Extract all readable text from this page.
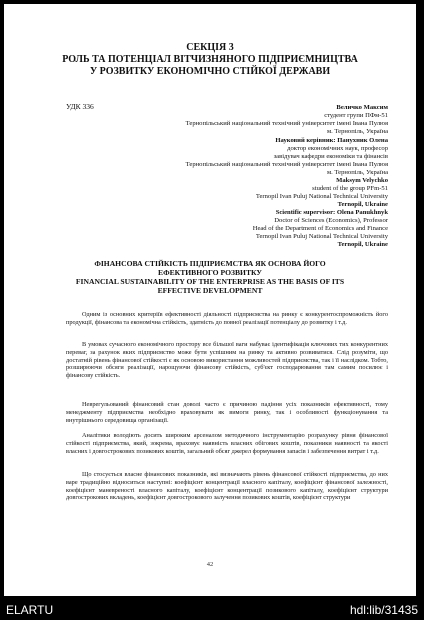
СЕКЦІЯ 3
РОЛЬ ТА ПОТЕНЦІАЛ ВІТЧИЗНЯНОГО ПІДПРИЄМНИЦТВА
У РОЗВИТКУ ЕКОНОМІЧНО СТІЙКОЇ ДЕРЖАВИ
УДК 336	Величко Максим
студент групи ПФм-51
Тернопільський національний технічний університет імені Івана Пулюя
м. Тернопіль, Україна
Науковий керівник: Панухник Олена
доктор економічних наук, професор
завідувач кафедри економіки та фінансів
Тернопільський національний технічний університет імені Івана Пулюя
м. Тернопіль, Україна
Maksym Velychko
student of the group PFm-51
Ternopil Ivan Puluj National Technical University
Ternopil, Ukraine
Scientific supervisor: Olena Panukhnyk
Doctor of Sciences (Economics), Professor
Head of the Department of Economics and Finance
Ternopil Ivan Puluj National Technical University
Ternopil, Ukraine
ФІНАНСОВА СТІЙКІСТЬ ПІДПРИЄМСТВА ЯК ОСНОВА ЙОГО
ЕФЕКТИВНОГО РОЗВИТКУ
FINANCIAL SUSTAINABILITY OF THE ENTERPRISE AS THE BASIS OF ITS
EFFECTIVE DEVELOPMENT

Одним із основних критеріїв ефективності діяльності підприємства на ринку є конкурентоспроможність його продукції, фінансова та економічна стійкість, здатність до повної реалізації потенціалу до розвитку і т.д.

В умовах сучасного економічного простору все більшої ваги набуває ідентифікація ключових тих конкурентних переваг, за рахунок яких підприємство може бути успішним на ринку та активно розвиватися. Слід розуміти, що достатній рівень фінансової стійкості є як основою використання можливостей підприємства, так і її наслідком. Тобто, розширюючи обсяги реалізації, нарощуючи фінансову стійкість, суб'єкт господарювання там самим посилює і фінансову стійкість.

Неврегульований фінансовий стан доволі часто є причиною падіння усіх показників ефективності, тому менеджменту підприємства необхідно враховувати як вимоги ринку, так і особливості функціонування та внутрішнього середовища організації.

Аналітики володіють досить широким арсеналом методичного інструментарію розрахунку рівня фінансової стійкості підприємства, який, зокрема, враховує наявність власних обігових коштів, показники наявності та якості власних і довгострокових позикових коштів, загальний обсяг джерел формування запасів і забезпечення витрат і т.д.

Що стосується власне фінансових показників, які визначають рівень фінансової стійкості підприємства, до них варе традиційно відноситься наступні: коефіцієнт концентрації власного капіталу, коефіцієнт фінансової залежності, коефіцієнт маневреності власного капіталу, коефіцієнт концентрації позикового капіталу, коефіцієнт структури довгострокових вкладень, коефіцієнт довгострокового залучення позикових коштів, коефіцієнт структури

42
ELARTU	hdl:lib/31435
